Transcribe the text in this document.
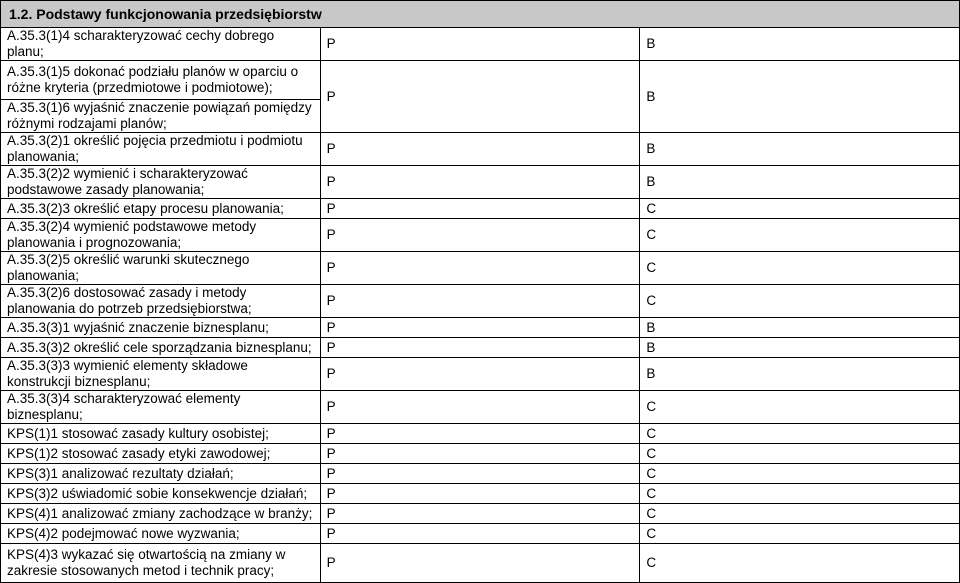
1.2. Podstawy funkcjonowania przedsiębiorstw		
A.35.3(1)4 scharakteryzować cechy dobrego planu;	P	B
A.35.3(1)5 dokonać podziału planów w oparciu o różne kryteria (przedmiotowe i podmiotowe);	P	B
A.35.3(1)6 wyjaśnić znaczenie powiązań pomiędzy różnymi rodzajami planów;		
A.35.3(2)1 określić pojęcia przedmiotu i podmiotu planowania;	P	B
A.35.3(2)2 wymienić i scharakteryzować podstawowe zasady planowania;	P	B
A.35.3(2)3 określić etapy procesu planowania;	P	C
A.35.3(2)4 wymienić podstawowe metody planowania i prognozowania;	P	C
A.35.3(2)5 określić warunki skutecznego planowania;	P	C
A.35.3(2)6 dostosować zasady i metody planowania do potrzeb przedsiębiorstwa;	P	C
A.35.3(3)1 wyjaśnić znaczenie biznesplanu;	P	B
A.35.3(3)2 określić cele sporządzania biznesplanu;	P	B
A.35.3(3)3 wymienić elementy składowe konstrukcji biznesplanu;	P	B
A.35.3(3)4 scharakteryzować elementy biznesplanu;	P	C
KPS(1)1 stosować zasady kultury osobistej;	P	C
KPS(1)2 stosować zasady etyki zawodowej;	P	C
KPS(3)1 analizować rezultaty działań;	P	C
KPS(3)2 uświadomić sobie konsekwencje działań;	P	C
KPS(4)1 analizować zmiany zachodzące w branży;	P	C
KPS(4)2 podejmować nowe wyzwania;	P	C
KPS(4)3 wykazać się otwartością na zmiany w zakresie stosowanych metod i technik pracy;	P	C
